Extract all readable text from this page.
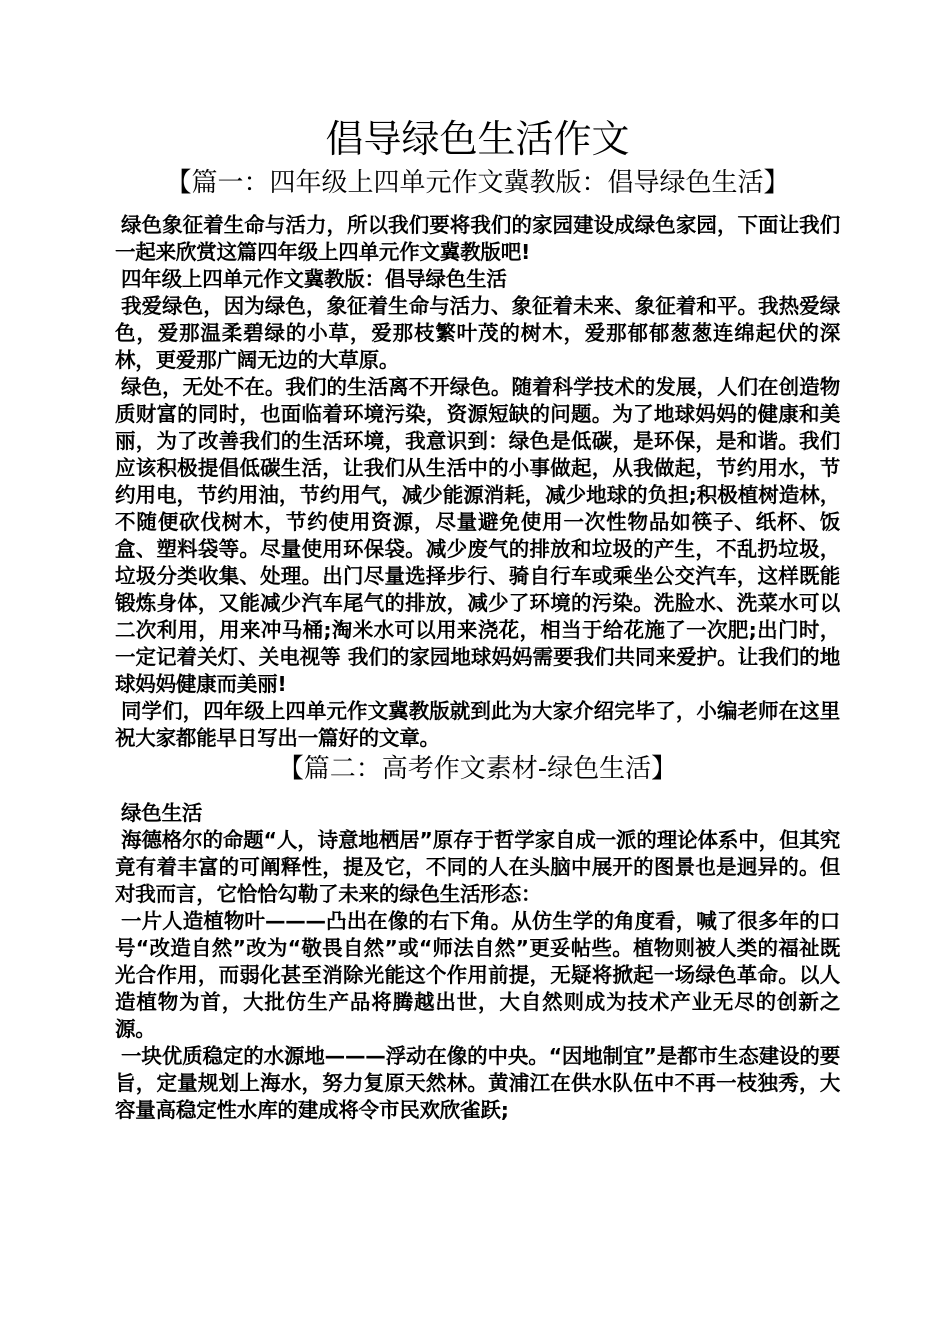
倡导绿色生活作文
【篇一：四年级上四单元作文冀教版：倡导绿色生活】

绿色象征着生命与活力，所以我们要将我们的家园建设成绿色家园，下面让我们一起来欣赏这篇四年级上四单元作文冀教版吧!

四年级上四单元作文冀教版：倡导绿色生活

我爱绿色，因为绿色，象征着生命与活力、象征着未来、象征着和平。我热爱绿色，爱那温柔碧绿的小草，爱那枝繁叶茂的树木，爱那郁郁葱葱连绵起伏的深林，更爱那广阔无边的大草原。

绿色，无处不在。我们的生活离不开绿色。随着科学技术的发展，人们在创造物质财富的同时，也面临着环境污染，资源短缺的问题。为了地球妈妈的健康和美丽，为了改善我们的生活环境，我意识到：绿色是低碳，是环保，是和谐。我们应该积极提倡低碳生活，让我们从生活中的小事做起，从我做起，节约用水，节约用电，节约用油，节约用气，减少能源消耗，减少地球的负担;积极植树造林，不随便砍伐树木，节约使用资源，尽量避免使用一次性物品如筷子、纸杯、饭盒、塑料袋等。尽量使用环保袋。减少废气的排放和垃圾的产生，不乱扔垃圾，垃圾分类收集、处理。出门尽量选择步行、骑自行车或乘坐公交汽车，这样既能锻炼身体，又能减少汽车尾气的排放，减少了环境的污染。洗脸水、洗菜水可以二次利用，用来冲马桶;淘米水可以用来浇花，相当于给花施了一次肥;出门时，一定记着关灯、关电视等 我们的家园地球妈妈需要我们共同来爱护。让我们的地球妈妈健康而美丽!

同学们，四年级上四单元作文冀教版就到此为大家介绍完毕了，小编老师在这里祝大家都能早日写出一篇好的文章。

【篇二：高考作文素材-绿色生活】

绿色生活

海德格尔的命题“人，诗意地栖居”原存于哲学家自成一派的理论体系中，但其究竟有着丰富的可阐释性，提及它，不同的人在头脑中展开的图景也是迥异的。但对我而言，它恰恰勾勒了未来的绿色生活形态：

一片人造植物叶———凸出在像的右下角。从仿生学的角度看，喊了很多年的口号“改造自然”改为“敬畏自然”或“师法自然”更妥帖些。植物则被人类的福祉既光合作用，而弱化甚至消除光能这个作用前提，无疑将掀起一场绿色革命。以人造植物为首，大批仿生产品将腾越出世，大自然则成为技术产业无尽的创新之源。

一块优质稳定的水源地———浮动在像的中央。“因地制宜”是都市生态建设的要旨，定量规划上海水，努力复原天然林。黄浦江在供水队伍中不再一枝独秀，大容量高稳定性水库的建成将令市民欢欣雀跃;
